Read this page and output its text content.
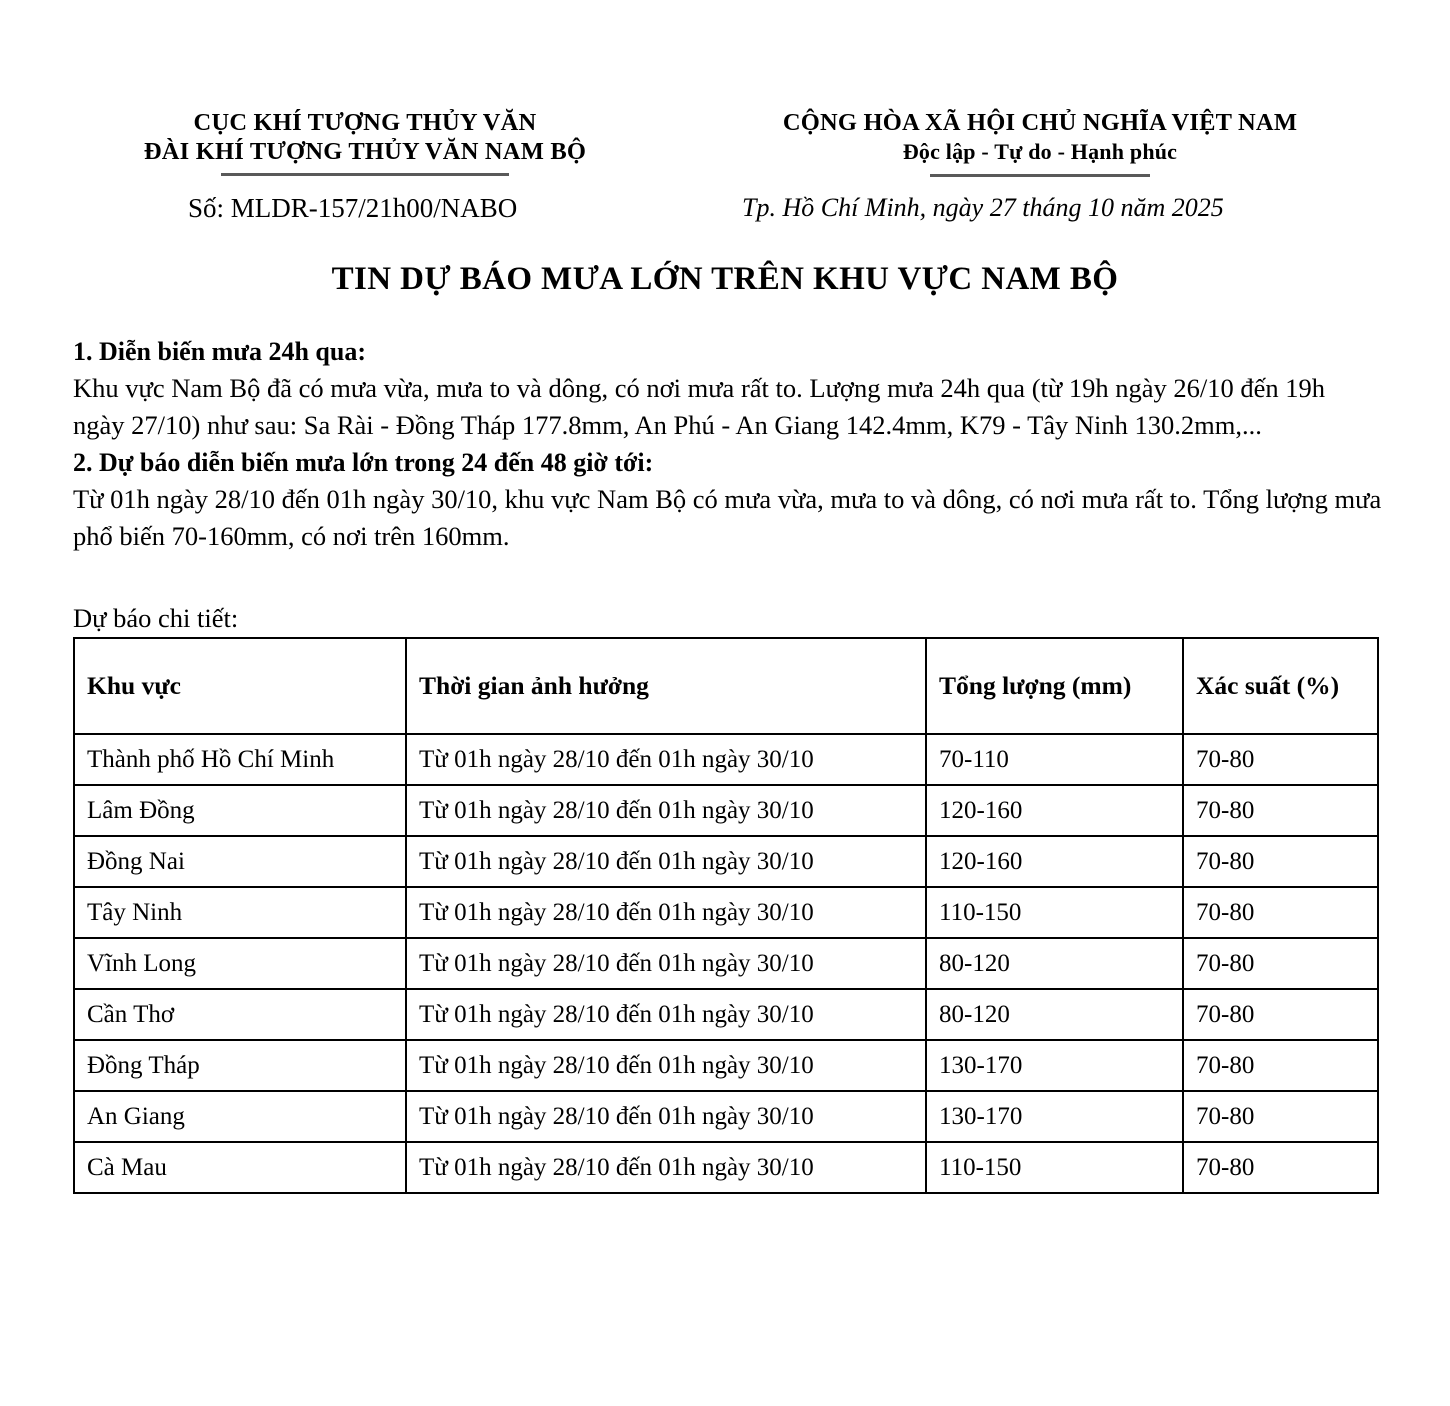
CỤC KHÍ TƯỢNG THỦY VĂN
ĐÀI KHÍ TƯỢNG THỦY VĂN NAM BỘ
CỘNG HÒA XÃ HỘI CHỦ NGHĨA VIỆT NAM
Độc lập - Tự do - Hạnh phúc
Số: MLDR-157/21h00/NABO	Tp. Hồ Chí Minh, ngày 27 tháng 10 năm 2025
TIN DỰ BÁO MƯA LỚN TRÊN KHU VỰC NAM BỘ

1. Diễn biến mưa 24h qua:

Khu vực Nam Bộ đã có mưa vừa, mưa to và dông, có nơi mưa rất to. Lượng mưa 24h qua (từ 19h ngày 26/10 đến 19h ngày 27/10) như sau: Sa Rài - Đồng Tháp 177.8mm, An Phú - An Giang 142.4mm, K79 - Tây Ninh 130.2mm,...

2. Dự báo diễn biến mưa lớn trong 24 đến 48 giờ tới:

Từ 01h ngày 28/10 đến 01h ngày 30/10, khu vực Nam Bộ có mưa vừa, mưa to và dông, có nơi mưa rất to. Tổng lượng mưa phổ biến 70-160mm, có nơi trên 160mm.

Dự báo chi tiết:
Khu vực	Thời gian ảnh hưởng	Tổng lượng (mm)	Xác suất (%)
Thành phố Hồ Chí Minh	Từ 01h ngày 28/10 đến 01h ngày 30/10	70-110	70-80
Lâm Đồng	Từ 01h ngày 28/10 đến 01h ngày 30/10	120-160	70-80
Đồng Nai	Từ 01h ngày 28/10 đến 01h ngày 30/10	120-160	70-80
Tây Ninh	Từ 01h ngày 28/10 đến 01h ngày 30/10	110-150	70-80
Vĩnh Long	Từ 01h ngày 28/10 đến 01h ngày 30/10	80-120	70-80
Cần Thơ	Từ 01h ngày 28/10 đến 01h ngày 30/10	80-120	70-80
Đồng Tháp	Từ 01h ngày 28/10 đến 01h ngày 30/10	130-170	70-80
An Giang	Từ 01h ngày 28/10 đến 01h ngày 30/10	130-170	70-80
Cà Mau	Từ 01h ngày 28/10 đến 01h ngày 30/10	110-150	70-80
